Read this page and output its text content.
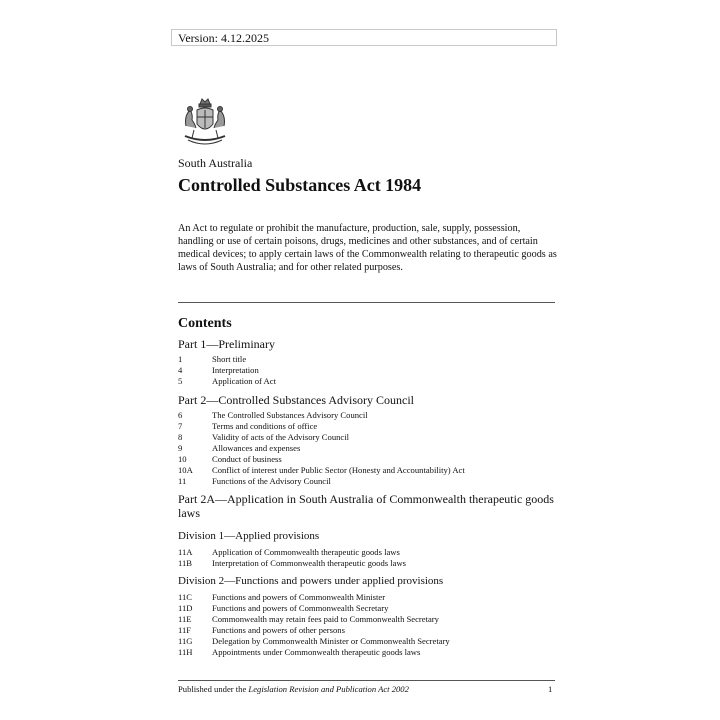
Version: 4.12.2025
South Australia
Controlled Substances Act 1984
An Act to regulate or prohibit the manufacture, production, sale, supply, possession, handling or use of certain poisons, drugs, medicines and other substances, and of certain medical devices; to apply certain laws of the Commonwealth relating to therapeutic goods as laws of South Australia; and for other related purposes.
Contents
Part 1—Preliminary
1	Short title
4	Interpretation
5	Application of Act
Part 2—Controlled Substances Advisory Council
6	The Controlled Substances Advisory Council
7	Terms and conditions of office
8	Validity of acts of the Advisory Council
9	Allowances and expenses
10	Conduct of business
10A Conflict of interest under Public Sector (Honesty and Accountability) Act
11	Functions of the Advisory Council
Part 2A—Application in South Australia of Commonwealth therapeutic goods laws
Division 1—Applied provisions
11A Application of Commonwealth therapeutic goods laws
11B Interpretation of Commonwealth therapeutic goods laws
Division 2—Functions and powers under applied provisions
11C Functions and powers of Commonwealth Minister
11D Functions and powers of Commonwealth Secretary
11E Commonwealth may retain fees paid to Commonwealth Secretary
11F Functions and powers of other persons
11G Delegation by Commonwealth Minister or Commonwealth Secretary
11H Appointments under Commonwealth therapeutic goods laws
Published under the Legislation Revision and Publication Act 2002	1
